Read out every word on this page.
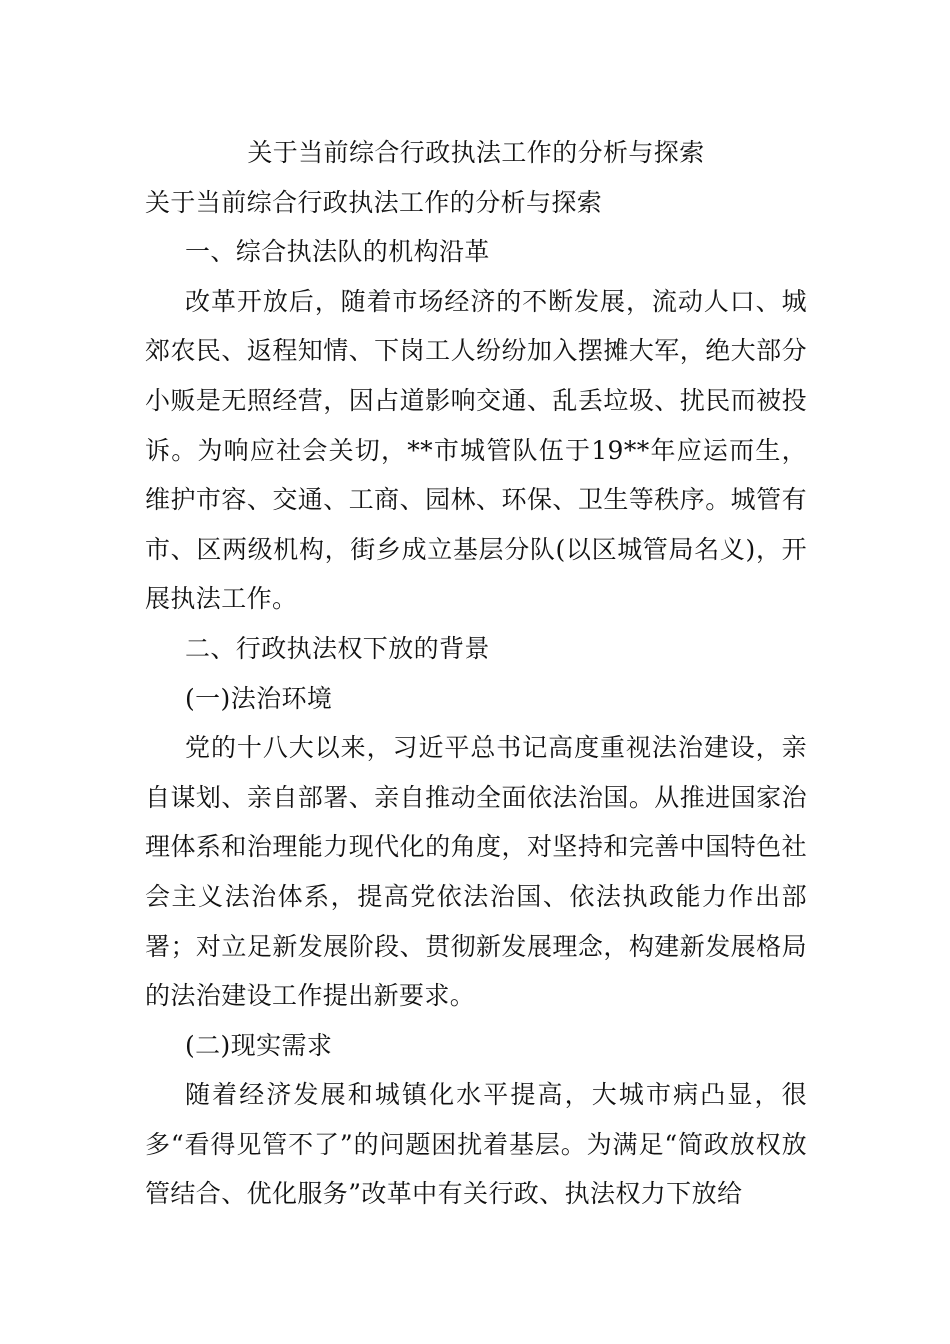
关于当前综合行政执法工作的分析与探索
关于当前综合行政执法工作的分析与探索
一、综合执法队的机构沿革

改革开放后，随着市场经济的不断发展，流动人口、城郊农民、返程知情、下岗工人纷纷加入摆摊大军，绝大部分小贩是无照经营，因占道影响交通、乱丢垃圾、扰民而被投诉。为响应社会关切，**市城管队伍于19**年应运而生，维护市容、交通、工商、园林、环保、卫生等秩序。城管有市、区两级机构，街乡成立基层分队(以区城管局名义)，开展执法工作。

二、行政执法权下放的背景
(一)法治环境

党的十八大以来，习近平总书记高度重视法治建设，亲自谋划、亲自部署、亲自推动全面依法治国。从推进国家治理体系和治理能力现代化的角度，对坚持和完善中国特色社会主义法治体系，提高党依法治国、依法执政能力作出部署；对立足新发展阶段、贯彻新发展理念，构建新发展格局的法治建设工作提出新要求。

(二)现实需求

随着经济发展和城镇化水平提高，大城市病凸显，很多“看得见管不了”的问题困扰着基层。为满足“简政放权放管结合、优化服务”改革中有关行政、执法权力下放给
